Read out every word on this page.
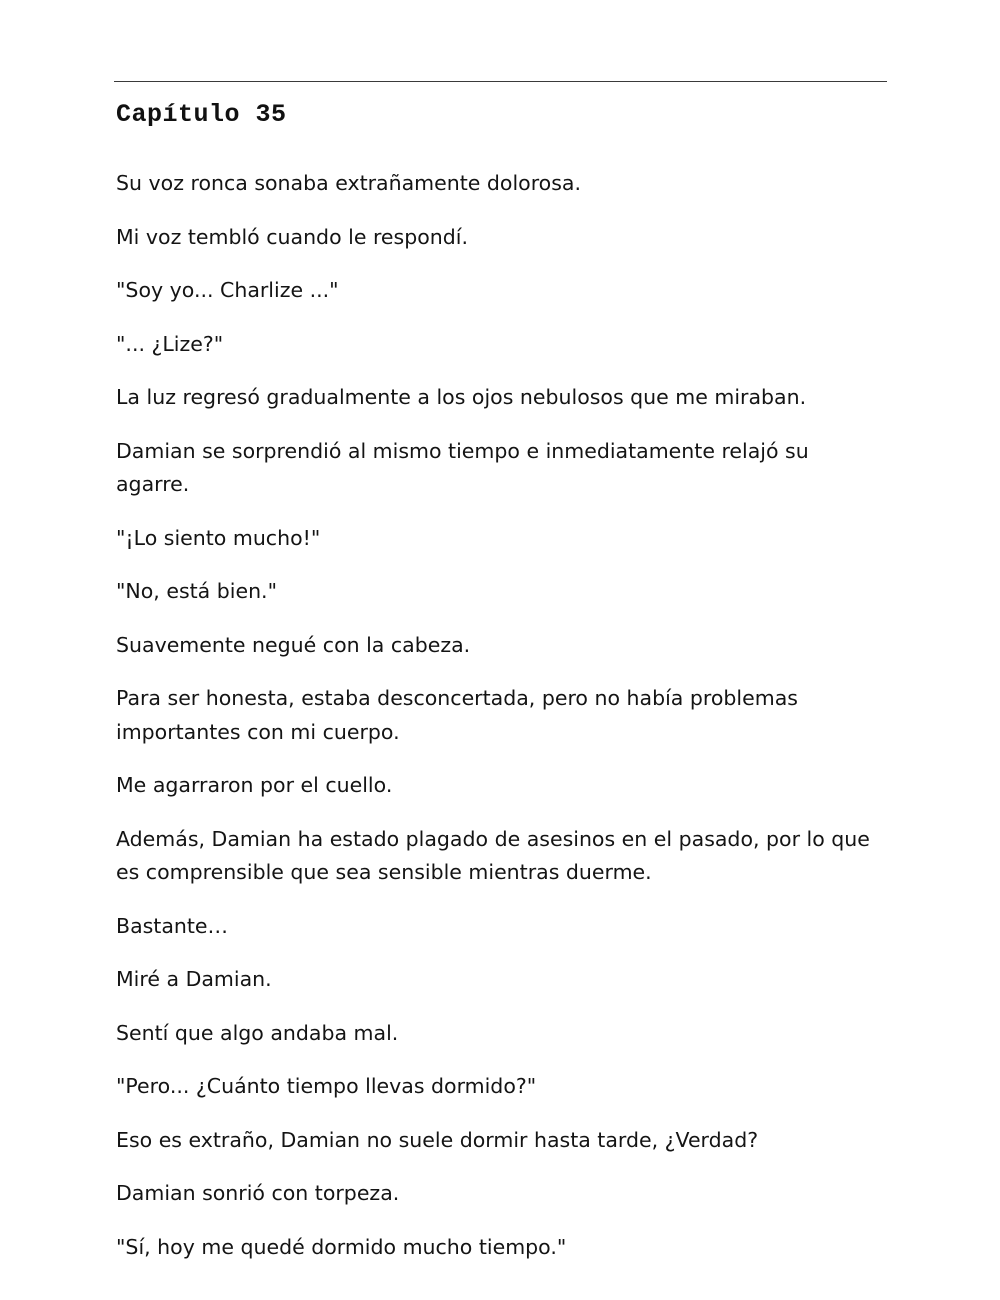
Capítulo 35

Su voz ronca sonaba extrañamente dolorosa.

Mi voz tembló cuando le respondí.

"Soy yo... Charlize ..."

"... ¿Lize?"

La luz regresó gradualmente a los ojos nebulosos que me miraban.

Damian se sorprendió al mismo tiempo e inmediatamente relajó su agarre.

"¡Lo siento mucho!"

"No, está bien."

Suavemente negué con la cabeza.

Para ser honesta, estaba desconcertada, pero no había problemas importantes con mi cuerpo.

Me agarraron por el cuello.

Además, Damian ha estado plagado de asesinos en el pasado, por lo que es comprensible que sea sensible mientras duerme.

Bastante…

Miré a Damian.

Sentí que algo andaba mal.

"Pero... ¿Cuánto tiempo llevas dormido?"

Eso es extraño, Damian no suele dormir hasta tarde, ¿Verdad?

Damian sonrió con torpeza.

"Sí, hoy me quedé dormido mucho tiempo."
